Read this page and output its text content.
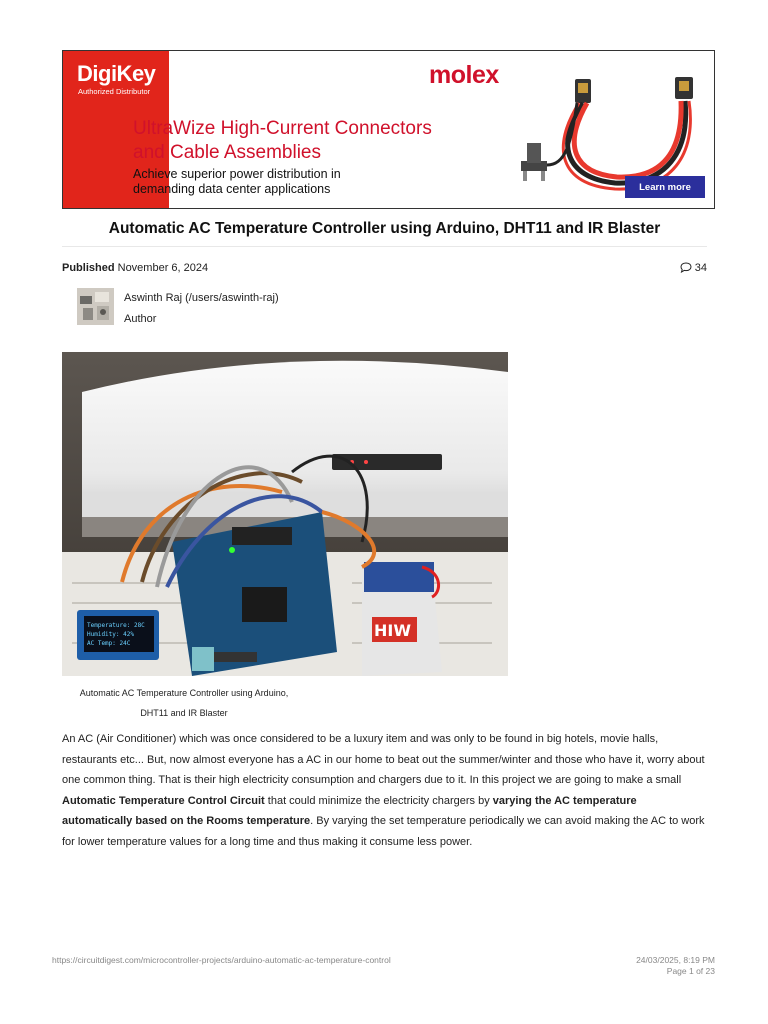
DigiKey
Authorized Distributor
molex
UltraWize High-Current Connectors
and Cable Assemblies
Achieve superior power distribution in
demanding data center applications	Learn more
Automatic AC Temperature Controller using Arduino, DHT11 and IR Blaster
Published November 6, 2024	34
Aswinth Raj (/users/aswinth-raj)
Author
HIW
Temperature: 28C
Humidity: 42%
AC Temp: 24C
Automatic AC Temperature Controller using Arduino,
DHT11 and IR Blaster
An AC (Air Conditioner) which was once considered to be a luxury item and was only to be found in big hotels, movie halls, restaurants etc... But, now almost everyone has a AC in our home to beat out the summer/winter and those who have it, worry about one common thing. That is their high electricity consumption and chargers due to it. In this project we are going to make a small Automatic Temperature Control Circuit that could minimize the electricity chargers by varying the AC temperature automatically based on the Rooms temperature. By varying the set temperature periodically we can avoid making the AC to work for lower temperature values for a long time and thus making it consume less power.
https://circuitdigest.com/microcontroller-projects/arduino-automatic-ac-temperature-control	24/03/2025, 8:19 PM
Page 1 of 23
